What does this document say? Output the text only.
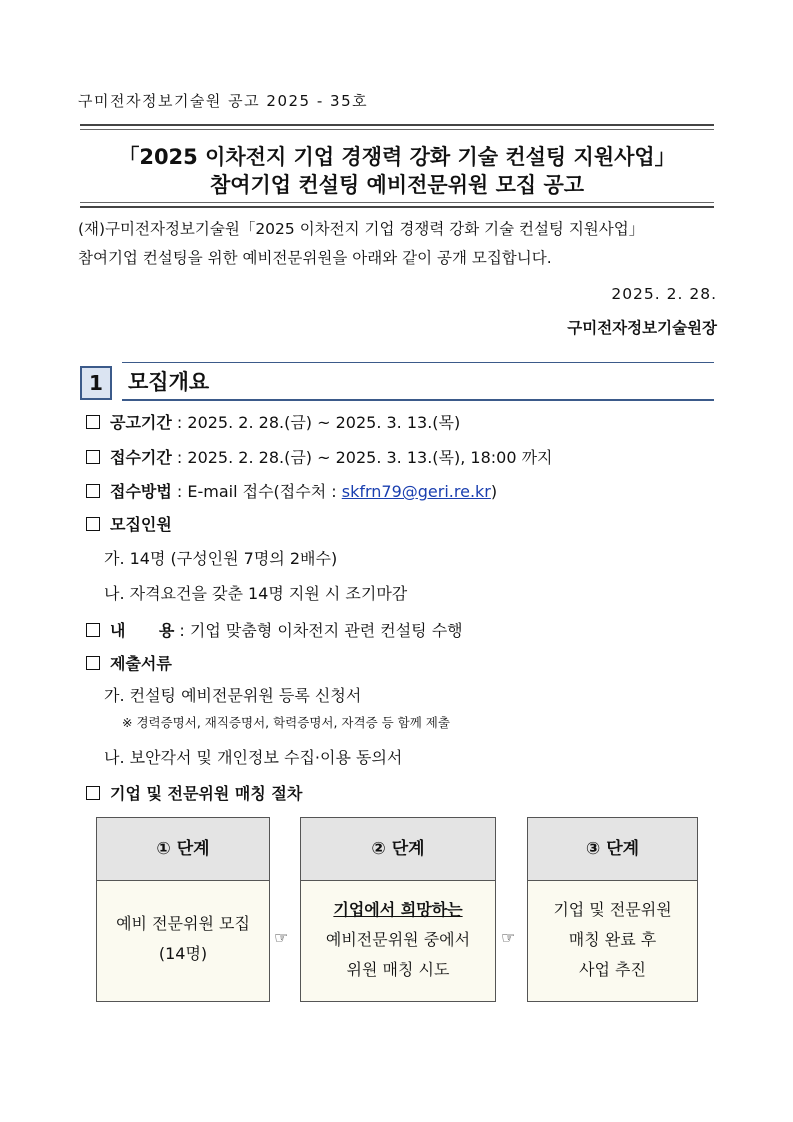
구미전자정보기술원 공고 2025 - 35호
「2025 이차전지 기업 경쟁력 강화 기술 컨설팅 지원사업」
참여기업 컨설팅 예비전문위원 모집 공고
(재)구미전자정보기술원「2025 이차전지 기업 경쟁력 강화 기술 컨설팅 지원사업」
참여기업 컨설팅을 위한 예비전문위원을 아래와 같이 공개 모집합니다.
2025. 2. 28.
구미전자정보기술원장
1	모집개요
공고기간 : 2025. 2. 28.(금) ~ 2025. 3. 13.(목)
접수기간 : 2025. 2. 28.(금) ~ 2025. 3. 13.(목), 18:00 까지
접수방법 : E-mail 접수(접수처 : skfrn79@geri.re.kr)
모집인원
가. 14명 (구성인원 7명의 2배수)
나. 자격요건을 갖춘 14명 지원 시 조기마감
내      용 : 기업 맞춤형 이차전지 관련 컨설팅 수행
제출서류
가. 컨설팅 예비전문위원 등록 신청서
※ 경력증명서, 재직증명서, 학력증명서, 자격증 등 함께 제출
나. 보안각서 및 개인정보 수집·이용 동의서
기업 및 전문위원 매칭 절차
① 단계
예비 전문위원 모집
(14명)
☞
② 단계
기업에서 희망하는
예비전문위원 중에서
위원 매칭 시도
☞
③ 단계
기업 및 전문위원
매칭 완료 후
사업 추진
